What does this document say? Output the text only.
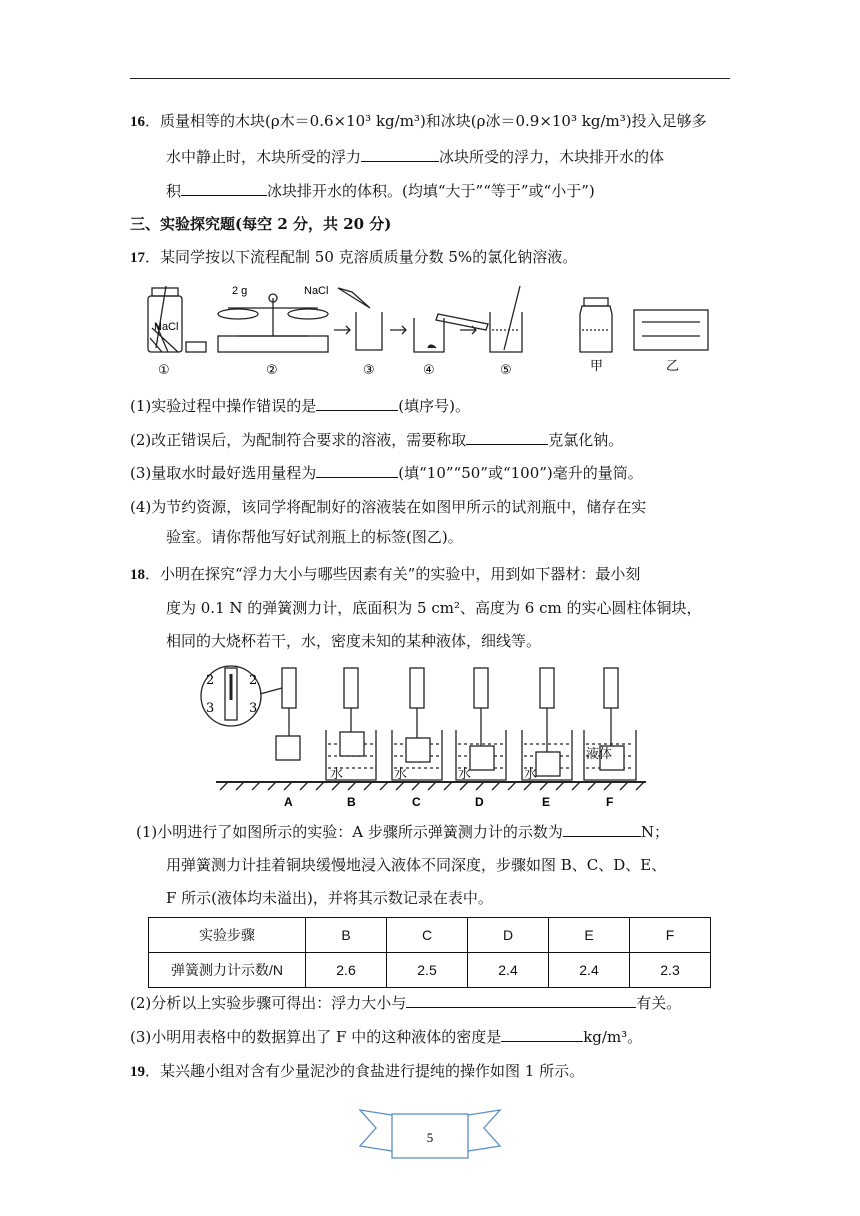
16．质量相等的木块(ρ木＝0.6×10³ kg/m³)和冰块(ρ冰＝0.9×10³ kg/m³)投入足够多
水中静止时，木块所受的浮力	冰块所受的浮力，木块排开水的体
积	冰块排开水的体积。(均填“大于”“等于”或“小于”)
三、实验探究题(每空 2 分，共 20 分)
17．某同学按以下流程配制 50 克溶质质量分数 5%的氯化钠溶液。
NaCl
2 g	NaCl
①	②	③	④	⑤	甲	乙
(1)实验过程中操作错误的是	(填序号)。
(2)改正错误后，为配制符合要求的溶液，需要称取	克氯化钠。
(3)量取水时最好选用量程为	(填“10”“50”或“100”)毫升的量筒。
(4)为节约资源，该同学将配制好的溶液装在如图甲所示的试剂瓶中，储存在实
验室。请你帮他写好试剂瓶上的标签(图乙)。
18．小明在探究“浮力大小与哪些因素有关”的实验中，用到如下器材：最小刻
度为 0.1 N 的弹簧测力计，底面积为 5 cm²、高度为 6 cm 的实心圆柱体铜块，
相同的大烧杯若干，水，密度未知的某种液体，细线等。
2
3
2
3
水	水	水	水
液体
A	B	C	D	E	F
(1)小明进行了如图所示的实验：A 步骤所示弹簧测力计的示数为	N；
用弹簧测力计挂着铜块缓慢地浸入液体不同深度，步骤如图 B、C、D、E、
F 所示(液体均未溢出)，并将其示数记录在表中。
实验步骤	B	C	D	E	F
弹簧测力计示数/N	2.6	2.5	2.4	2.4	2.3
(2)分析以上实验步骤可得出：浮力大小与	有关。
(3)小明用表格中的数据算出了 F 中的这种液体的密度是	kg/m³。
19．某兴趣小组对含有少量泥沙的食盐进行提纯的操作如图 1 所示。
5
